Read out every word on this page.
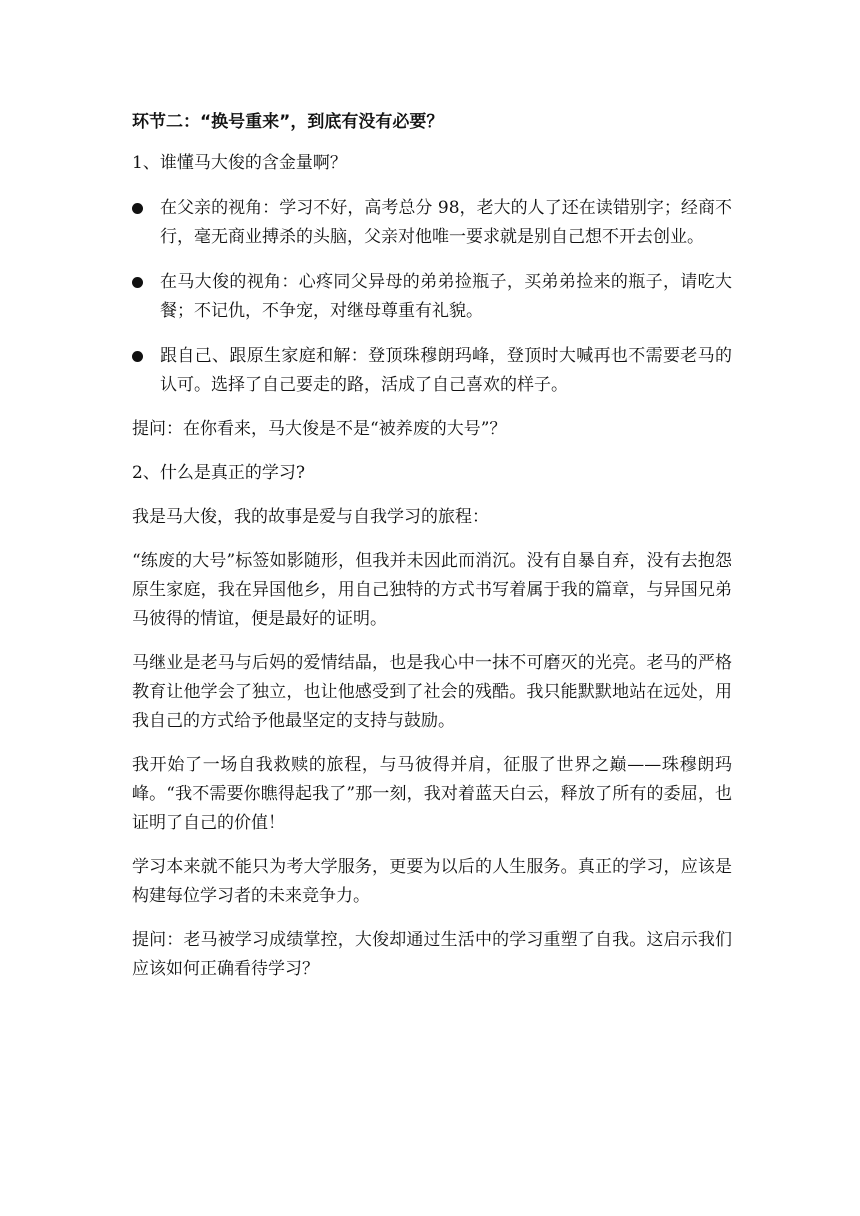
环节二：“换号重来”，到底有没有必要？

1、谁懂马大俊的含金量啊？

在父亲的视角：学习不好，高考总分 98，老大的人了还在读错别字；经商不行，毫无商业搏杀的头脑，父亲对他唯一要求就是别自己想不开去创业。
在马大俊的视角：心疼同父异母的弟弟捡瓶子，买弟弟捡来的瓶子，请吃大餐；不记仇，不争宠，对继母尊重有礼貌。
跟自己、跟原生家庭和解：登顶珠穆朗玛峰，登顶时大喊再也不需要老马的认可。选择了自己要走的路，活成了自己喜欢的样子。

提问：在你看来，马大俊是不是“被养废的大号”？

2、什么是真正的学习?

我是马大俊，我的故事是爱与自我学习的旅程：

“练废的大号”标签如影随形，但我并未因此而消沉。没有自暴自弃，没有去抱怨原生家庭，我在异国他乡，用自己独特的方式书写着属于我的篇章，与异国兄弟马彼得的情谊，便是最好的证明。

马继业是老马与后妈的爱情结晶，也是我心中一抹不可磨灭的光亮。老马的严格教育让他学会了独立，也让他感受到了社会的残酷。我只能默默地站在远处，用我自己的方式给予他最坚定的支持与鼓励。

我开始了一场自我救赎的旅程，与马彼得并肩，征服了世界之巅——珠穆朗玛峰。“我不需要你瞧得起我了”那一刻，我对着蓝天白云，释放了所有的委屈，也证明了自己的价值！

学习本来就不能只为考大学服务，更要为以后的人生服务。真正的学习，应该是构建每位学习者的未来竞争力。

提问：老马被学习成绩掌控，大俊却通过生活中的学习重塑了自我。这启示我们应该如何正确看待学习？
